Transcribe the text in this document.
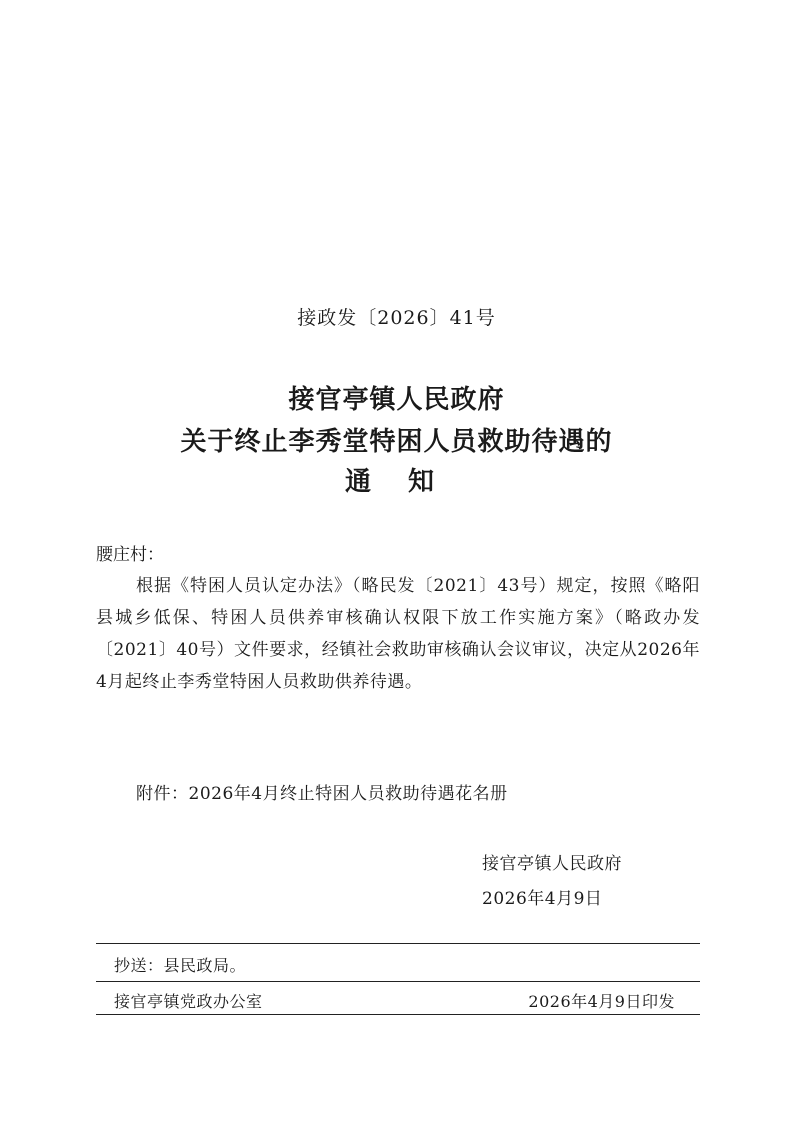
接政发〔2026〕41号
接官亭镇人民政府
关于终止李秀堂特困人员救助待遇的
通 知
腰庄村：
根据《特困人员认定办法》（略民发〔2021〕43号）规定，按照《略阳县城乡低保、特困人员供养审核确认权限下放工作实施方案》（略政办发〔2021〕40号）文件要求，经镇社会救助审核确认会议审议，决定从2026年4月起终止李秀堂特困人员救助供养待遇。
附件：2026年4月终止特困人员救助待遇花名册
接官亭镇人民政府
2026年4月9日
抄送：县民政局。
接官亭镇党政办公室	2026年4月9日印发
